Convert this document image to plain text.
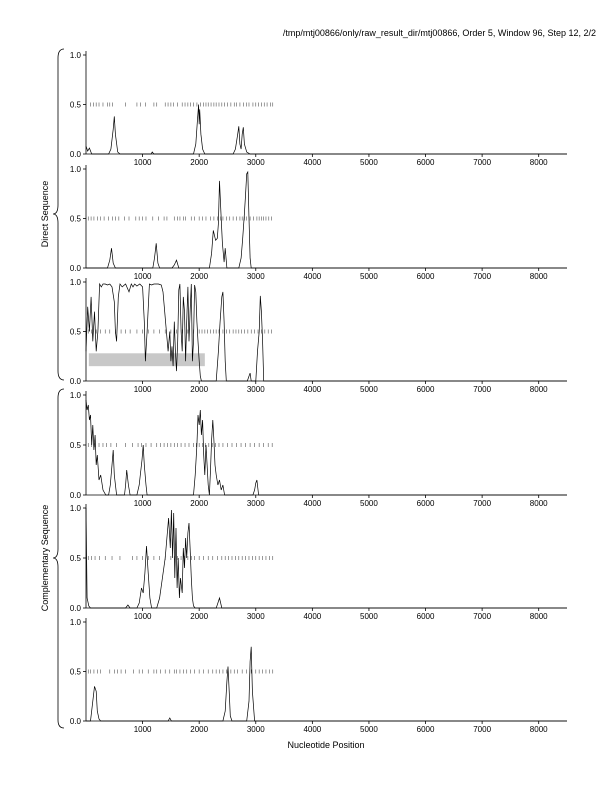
/tmp/mtj00866/only/raw_result_dir/mtj00866, Order 5, Window 96, Step 12, 2/2
0.0
0.5
1.0
1000	2000	3000	4000	5000	6000	7000	8000
0.0
0.5
1.0
1000	2000	3000	4000	5000	6000	7000	8000
0.0
0.5
1.0
1000	2000	3000	4000	5000	6000	7000	8000
0.0
0.5
1.0
1000	2000	3000	4000	5000	6000	7000	8000
0.0
0.5
1.0
1000	2000	3000	4000	5000	6000	7000	8000
0.0
0.5
1.0
1000	2000	3000	4000	5000	6000	7000	8000
Direct Sequence
Complementary Sequence
Nucleotide Position
